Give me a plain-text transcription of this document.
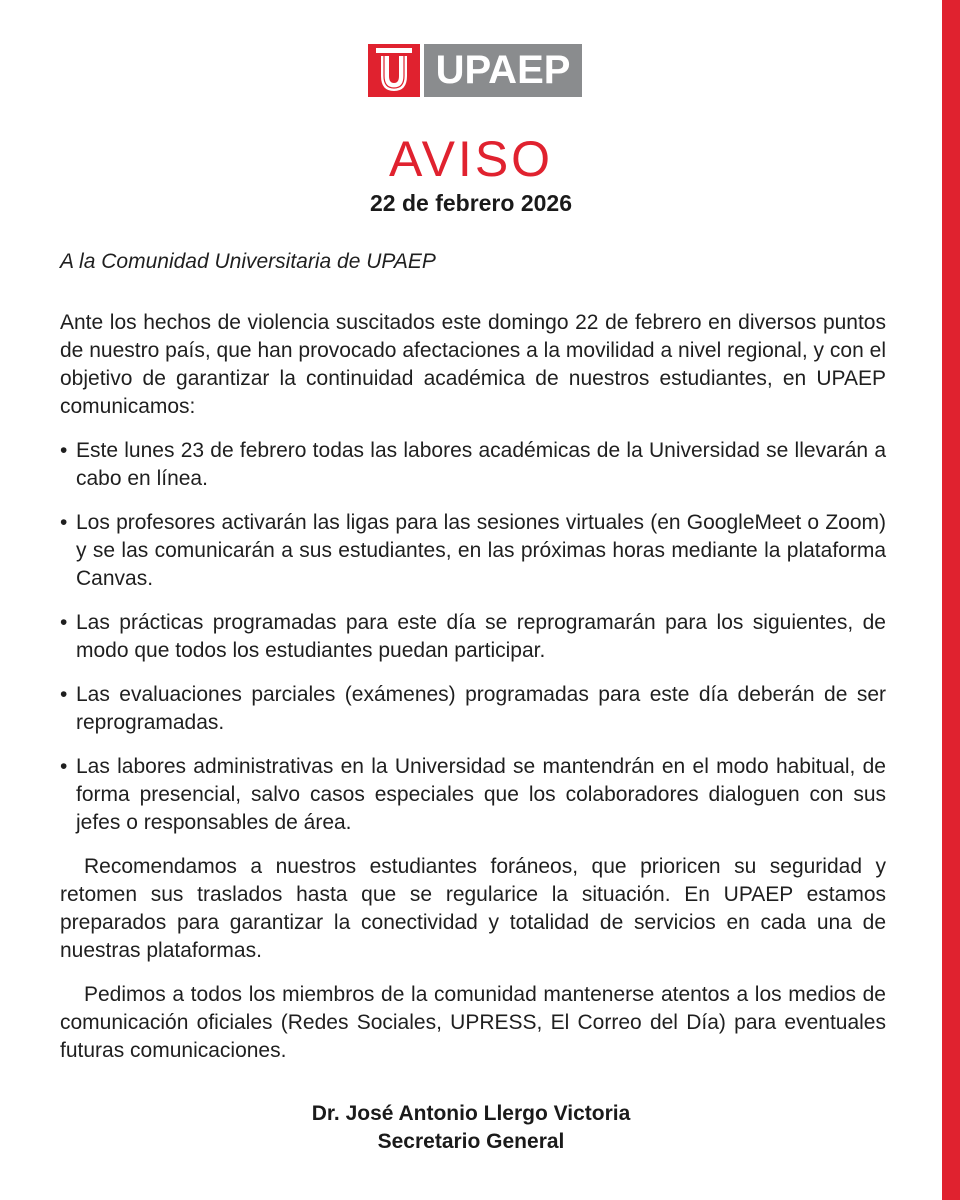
UPAEP
AVISO
22 de febrero 2026

A la Comunidad Universitaria de UPAEP

Ante los hechos de violencia suscitados este domingo 22 de febrero en diversos puntos de nuestro país, que han provocado afectaciones a la movilidad a nivel regional, y con el objetivo de garantizar la continuidad académica de nuestros estudiantes, en UPAEP comunicamos:

• Este lunes 23 de febrero todas las labores académicas de la Universidad se llevarán a cabo en línea.
• Los profesores activarán las ligas para las sesiones virtuales (en GoogleMeet o Zoom) y se las comunicarán a sus estudiantes, en las próximas horas mediante la plataforma Canvas.
• Las prácticas programadas para este día se reprogramarán para los siguientes, de modo que todos los estudiantes puedan participar.
• Las evaluaciones parciales (exámenes) programadas para este día deberán de ser reprogramadas.
• Las labores administrativas en la Universidad se mantendrán en el modo habitual, de forma presencial, salvo casos especiales que los colaboradores dialoguen con sus jefes o responsables de área.

Recomendamos a nuestros estudiantes foráneos, que prioricen su seguridad y retomen sus traslados hasta que se regularice la situación. En UPAEP estamos preparados para garantizar la conectividad y totalidad de servicios en cada una de nuestras plataformas.

Pedimos a todos los miembros de la comunidad mantenerse atentos a los medios de comunicación oficiales (Redes Sociales, UPRESS, El Correo del Día) para eventuales futuras comunicaciones.

Dr. José Antonio Llergo Victoria
Secretario General
